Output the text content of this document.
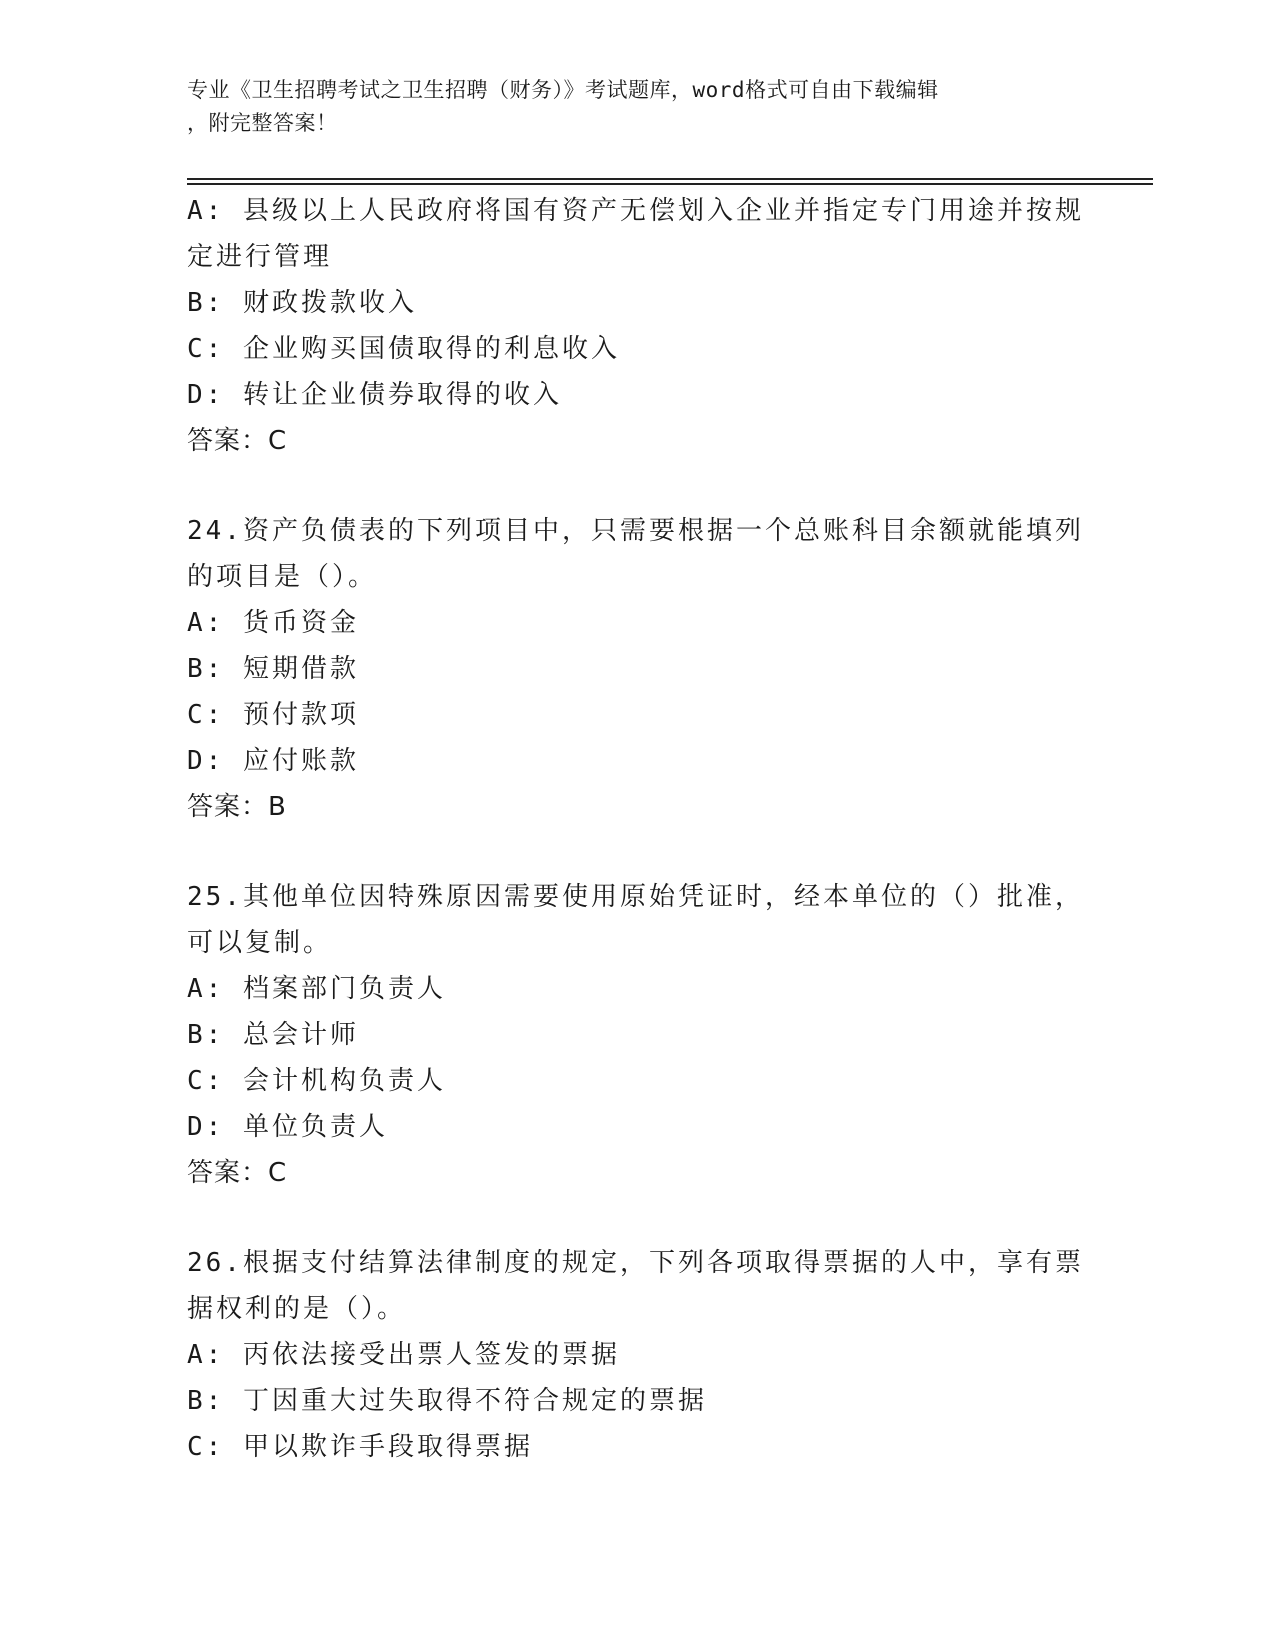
专业《卫生招聘考试之卫生招聘（财务）》考试题库，word格式可自由下载编辑
，附完整答案！
A: 县级以上人民政府将国有资产无偿划入企业并指定专门用途并按规
定进行管理
B: 财政拨款收入
C: 企业购买国债取得的利息收入
D: 转让企业债券取得的收入
答案：C
24.资产负债表的下列项目中，只需要根据一个总账科目余额就能填列
的项目是（）。
A: 货币资金
B: 短期借款
C: 预付款项
D: 应付账款
答案：B
25.其他单位因特殊原因需要使用原始凭证时，经本单位的（）批准，
可以复制。
A: 档案部门负责人
B: 总会计师
C: 会计机构负责人
D: 单位负责人
答案：C
26.根据支付结算法律制度的规定，下列各项取得票据的人中，享有票
据权利的是（）。
A: 丙依法接受出票人签发的票据
B: 丁因重大过失取得不符合规定的票据
C: 甲以欺诈手段取得票据
